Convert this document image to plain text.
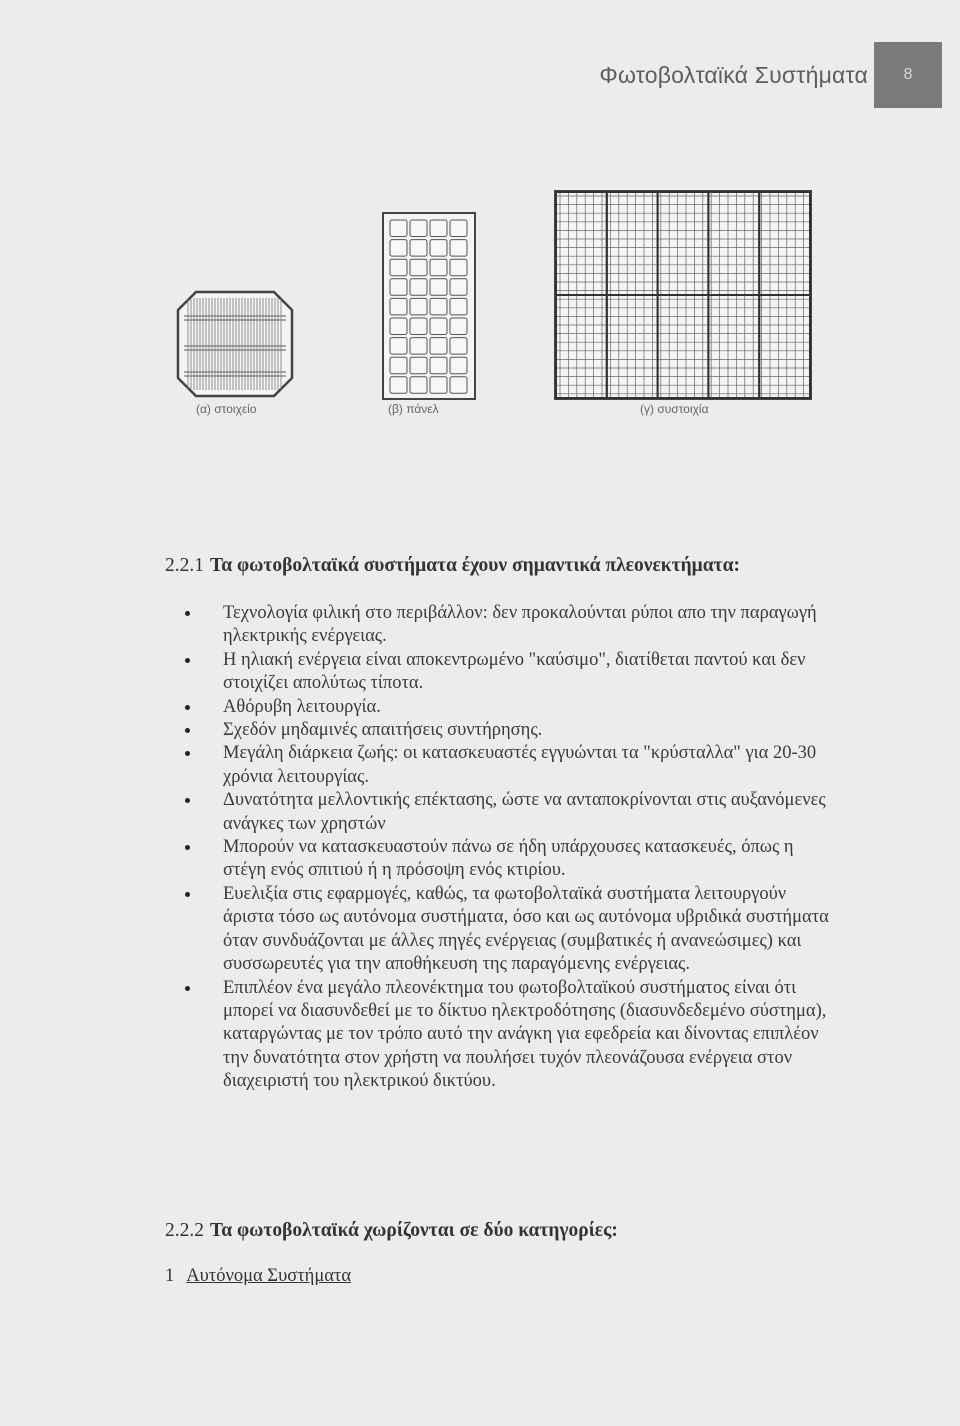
Φωτοβολταϊκά Συστήματα 8
(α) στοιχείο	(β) πάνελ	(γ) συστοιχία
2.2.1 Τα φωτοβολταϊκά συστήματα έχουν σημαντικά πλεονεκτήματα:
Τεχνολογία φιλική στο περιβάλλον: δεν προκαλούνται ρύποι απο την παραγωγή ηλεκτρικής ενέργειας.
Η ηλιακή ενέργεια είναι αποκεντρωμένο "καύσιμο", διατίθεται παντού και δεν στοιχίζει απολύτως τίποτα.
Αθόρυβη λειτουργία.
Σχεδόν μηδαμινές απαιτήσεις συντήρησης.
Μεγάλη διάρκεια ζωής: οι κατασκευαστές εγγυώνται τα "κρύσταλλα" για 20-30 χρόνια λειτουργίας.
Δυνατότητα μελλοντικής επέκτασης, ώστε να ανταποκρίνονται στις αυξανόμενες ανάγκες των χρηστών
Μπορούν να κατασκευαστούν πάνω σε ήδη υπάρχουσες κατασκευές, όπως η στέγη ενός σπιτιού ή η πρόσοψη ενός κτιρίου.
Ευελιξία στις εφαρμογές, καθώς, τα φωτοβολταϊκά συστήματα λειτουργούν άριστα τόσο ως αυτόνομα συστήματα, όσο και ως αυτόνομα υβριδικά συστήματα όταν συνδυάζονται με άλλες πηγές ενέργειας (συμβατικές ή ανανεώσιμες) και συσσωρευτές για την αποθήκευση της παραγόμενης ενέργειας.
Επιπλέον ένα μεγάλο πλεονέκτημα του φωτοβολταϊκού συστήματος είναι ότι μπορεί να διασυνδεθεί με το δίκτυο ηλεκτροδότησης (διασυνδεδεμένο σύστημα), καταργώντας με τον τρόπο αυτό την ανάγκη για εφεδρεία και δίνοντας επιπλέον την δυνατότητα στον χρήστη να πουλήσει τυχόν πλεονάζουσα ενέργεια στον διαχειριστή του ηλεκτρικού δικτύου.
2.2.2 Τα φωτοβολταϊκά χωρίζονται σε δύο κατηγορίες:
1 Αυτόνομα Συστήματα
